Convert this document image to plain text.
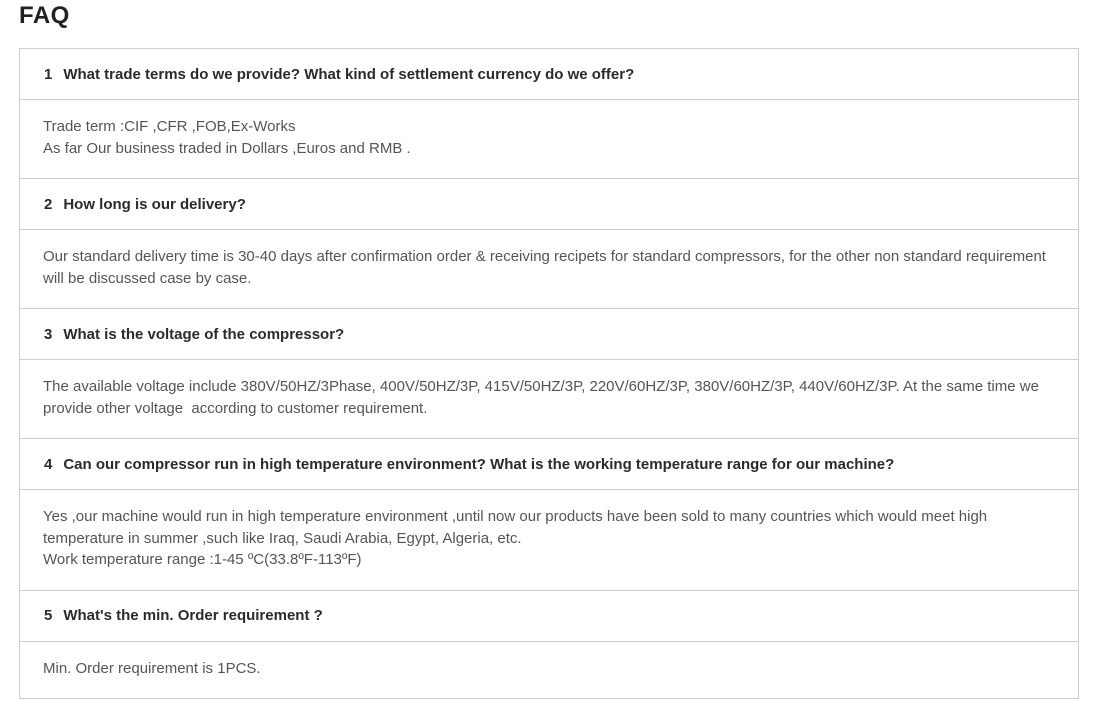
FAQ
1 What trade terms do we provide? What kind of settlement currency do we offer?
Trade term :CIF ,CFR ,FOB,Ex-Works
As far Our business traded in Dollars ,Euros and RMB .
2 How long is our delivery?
Our standard delivery time is 30-40 days after confirmation order & receiving recipets for standard compressors, for the other non standard requirement will be discussed case by case.
3 What is the voltage of the compressor?
The available voltage include 380V/50HZ/3Phase, 400V/50HZ/3P, 415V/50HZ/3P, 220V/60HZ/3P, 380V/60HZ/3P, 440V/60HZ/3P. At the same time we provide other voltage  according to customer requirement.
4 Can our compressor run in high temperature environment? What is the working temperature range for our machine?
Yes ,our machine would run in high temperature environment ,until now our products have been sold to many countries which would meet high temperature in summer ,such like Iraq, Saudi Arabia, Egypt, Algeria, etc.
Work temperature range :1-45 ºC(33.8ºF-113ºF)
5 What's the min. Order requirement ?
Min. Order requirement is 1PCS.
